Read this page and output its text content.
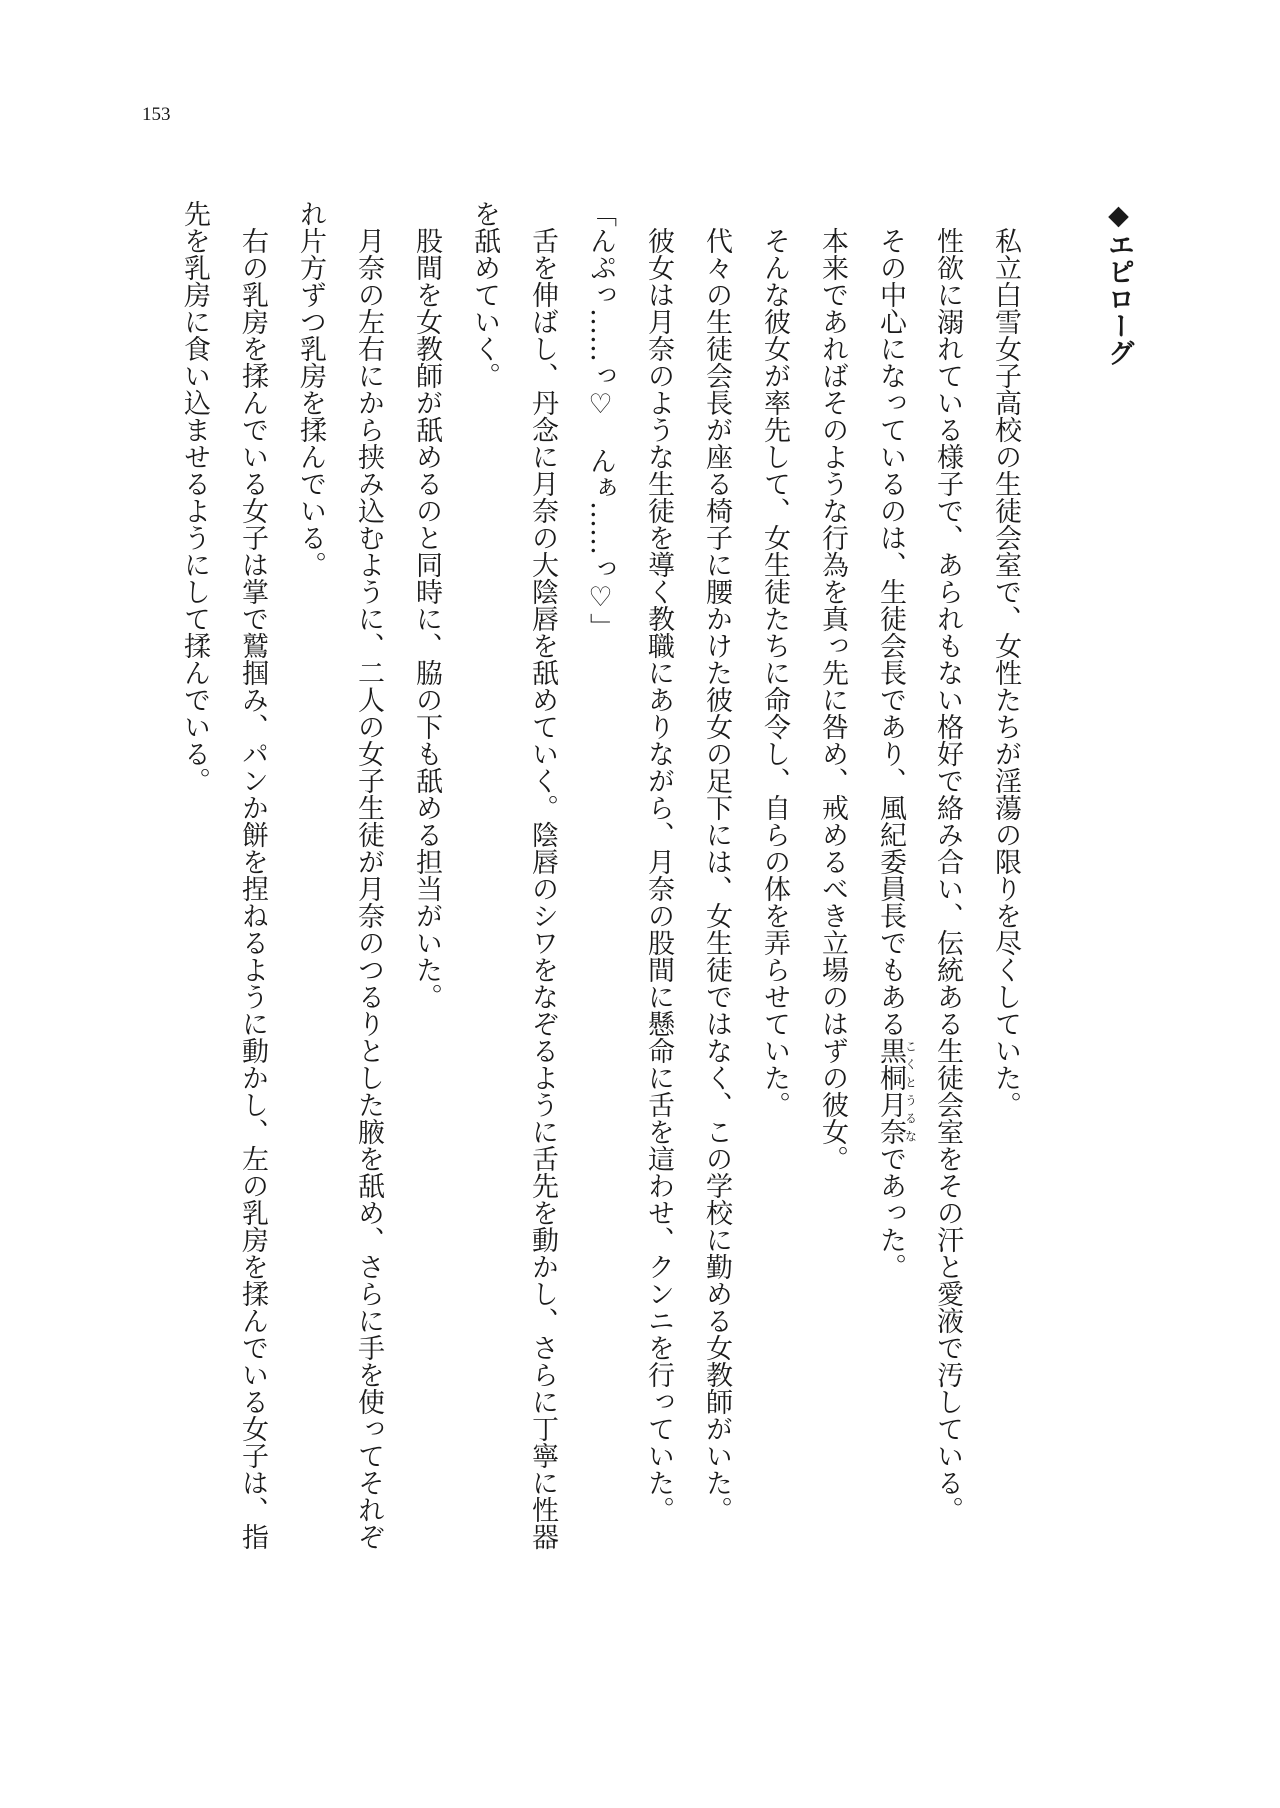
153
◆エピローグ
私立白雪女子高校の生徒会室で、女性たちが淫蕩の限りを尽くしていた。
性欲に溺れている様子で、あられもない格好で絡み合い、伝統ある生徒会室をその汗と愛液で汚している。
その中心になっているのは、生徒会長であり、風紀委員長でもある黒桐月奈こくとうるなであった。
本来であればそのような行為を真っ先に咎め、戒めるべき立場のはずの彼女。
そんな彼女が率先して、女生徒たちに命令し、自らの体を弄らせていた。
代々の生徒会長が座る椅子に腰かけた彼女の足下には、女生徒ではなく、この学校に勤める女教師がいた。
彼女は月奈のような生徒を導く教職にありながら、月奈の股間に懸命に舌を這わせ、クンニを行っていた。
「んぷっ……っ♡　んぁ……っ♡」
舌を伸ばし、丹念に月奈の大陰唇を舐めていく。陰唇のシワをなぞるように舌先を動かし、さらに丁寧に性器
を舐めていく。
股間を女教師が舐めるのと同時に、脇の下も舐める担当がいた。
月奈の左右にから挟み込むように、二人の女子生徒が月奈のつるりとした腋を舐め、さらに手を使ってそれぞ
れ片方ずつ乳房を揉んでいる。
右の乳房を揉んでいる女子は掌で鷲掴み、パンか餅を捏ねるように動かし、左の乳房を揉んでいる女子は、指
先を乳房に食い込ませるようにして揉んでいる。
